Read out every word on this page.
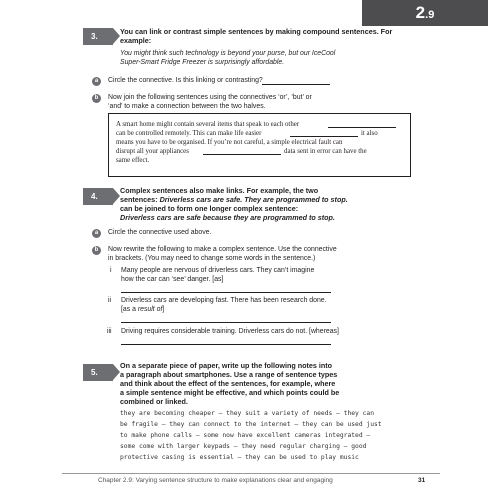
2.9
3.
You can link or contrast simple sentences by making compound sentences. For example:
You might think such technology is beyond your purse, but our IceCool
Super-Smart Fridge Freezer is surprisingly affordable.
a	Circle the connective. Is this linking or contrasting?
b	Now join the following sentences using the connectives ‘or’, ‘but’ or
‘and’ to make a connection between the two halves.
A smart home might contain several items that speak to each other
can be controlled remotely. This can make life easier	it also
means you have to be organised. If you’re not careful, a simple electrical fault can
disrupt all your appliances	data sent in error can have the
same effect.
4.
Complex sentences also make links. For example, the two
sentences: Driverless cars are safe. They are programmed to stop.
can be joined to form one longer complex sentence:
Driverless cars are safe because they are programmed to stop.
a	Circle the connective used above.
b	Now rewrite the following to make a complex sentence. Use the connective
in brackets. (You may need to change some words in the sentence.)
i Many people are nervous of driverless cars. They can’t imagine
how the car can ‘see’ danger. [as]
ii Driverless cars are developing fast. There has been research done.
[as a result of]
iii Driving requires considerable training. Driverless cars do not. [whereas]
5.
On a separate piece of paper, write up the following notes into
a paragraph about smartphones. Use a range of sentence types
and think about the effect of the sentences, for example, where
a simple sentence might be effective, and which points could be
combined or linked.
they are becoming cheaper – they suit a variety of needs – they can
be fragile – they can connect to the internet – they can be used just
to make phone calls – some now have excellent cameras integrated –
some come with larger keypads – they need regular charging – good
protective casing is essential – they can be used to play music
Chapter 2.9: Varying sentence structure to make explanations clear and engaging	31
